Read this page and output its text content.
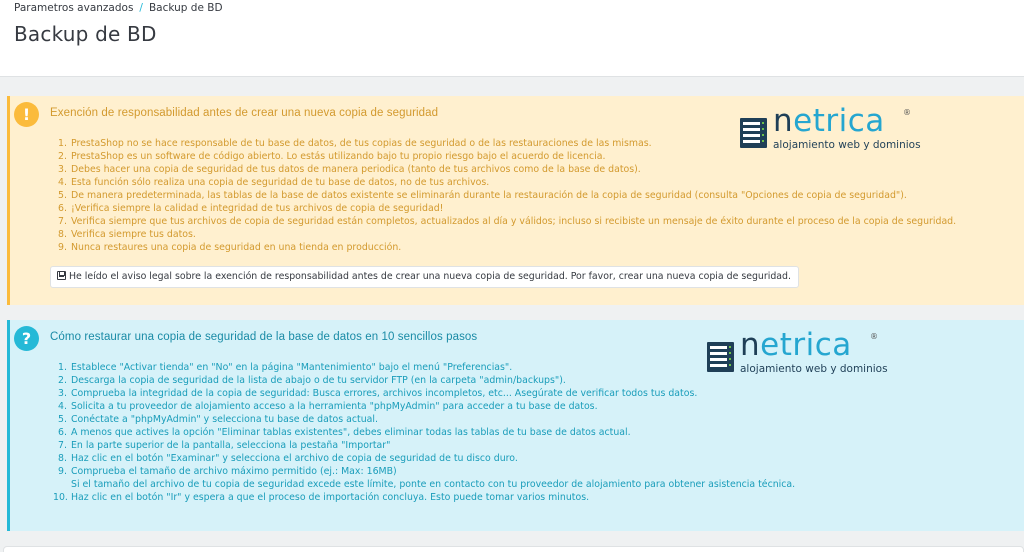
Parametros avanzados / Backup de BD
Backup de BD
!	Exención de responsabilidad antes de crear una nueva copia de seguridad	netrica ®
alojamiento web y dominios
1. PrestaShop no se hace responsable de tu base de datos, de tus copias de seguridad o de las restauraciones de las mismas.
2. PrestaShop es un software de código abierto. Lo estás utilizando bajo tu propio riesgo bajo el acuerdo de licencia.
3. Debes hacer una copia de seguridad de tus datos de manera periodica (tanto de tus archivos como de la base de datos).
4. Esta función sólo realiza una copia de seguridad de tu base de datos, no de tus archivos.
5. De manera predeterminada, las tablas de la base de datos existente se eliminarán durante la restauración de la copia de seguridad (consulta "Opciones de copia de seguridad").
6. ¡Verifica siempre la calidad e integridad de tus archivos de copia de seguridad!
7. Verifica siempre que tus archivos de copia de seguridad están completos, actualizados al día y válidos; incluso si recibiste un mensaje de éxito durante el proceso de la copia de seguridad.
8. Verifica siempre tus datos.
9. Nunca restaures una copia de seguridad en una tienda en producción.
He leído el aviso legal sobre la exención de responsabilidad antes de crear una nueva copia de seguridad. Por favor, crear una nueva copia de seguridad.
?	Cómo restaurar una copia de seguridad de la base de datos en 10 sencillos pasos	netrica ®
alojamiento web y dominios
1. Establece "Activar tienda" en "No" en la página "Mantenimiento" bajo el menú "Preferencias".
2. Descarga la copia de seguridad de la lista de abajo o de tu servidor FTP (en la carpeta "admin/backups").
3. Comprueba la integridad de la copia de seguridad: Busca errores, archivos incompletos, etc... Asegúrate de verificar todos tus datos.
4. Solicita a tu proveedor de alojamiento acceso a la herramienta "phpMyAdmin" para acceder a tu base de datos.
5. Conéctate a "phpMyAdmin" y selecciona tu base de datos actual.
6. A menos que actives la opción "Eliminar tablas existentes", debes eliminar todas las tablas de tu base de datos actual.
7. En la parte superior de la pantalla, selecciona la pestaña "Importar"
8. Haz clic en el botón "Examinar" y selecciona el archivo de copia de seguridad de tu disco duro.
9. Comprueba el tamaño de archivo máximo permitido (ej.: Max: 16MB)
Si el tamaño del archivo de tu copia de seguridad excede este límite, ponte en contacto con tu proveedor de alojamiento para obtener asistencia técnica.
10. Haz clic en el botón "Ir" y espera a que el proceso de importación concluya. Esto puede tomar varios minutos.
